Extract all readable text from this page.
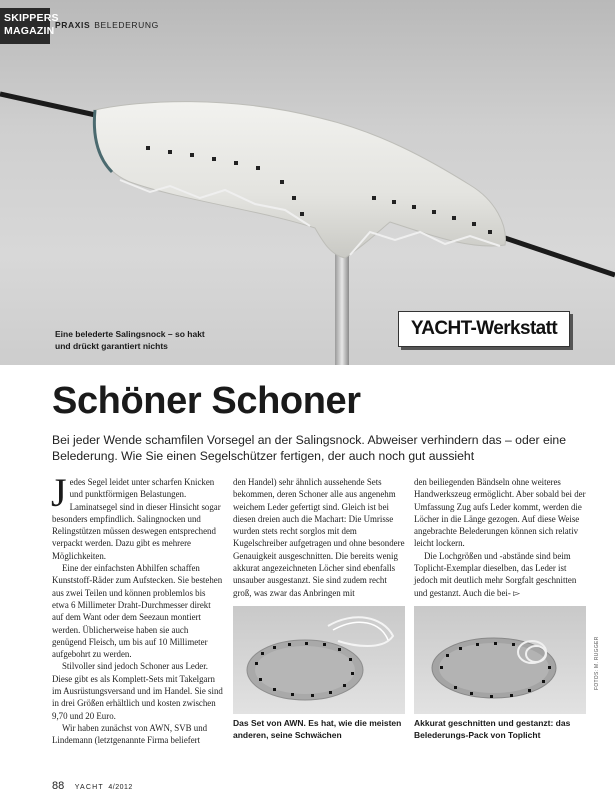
SKIPPERS
MAGAZIN PRAXIS BELEDERUNG
Eine belederte Salingsnock – so hakt und drückt garantiert nichts
YACHT-Werkstatt
Schöner Schoner
Bei jeder Wende schamfilen Vorsegel an der Salingsnock. Abweiser verhindern das – oder eine Belederung. Wie Sie einen Segelschützer fertigen, der auch noch gut aussieht

Jedes Segel leidet unter scharfen Knicken und punktförmigen Belastungen. Laminatsegel sind in dieser Hinsicht sogar besonders empfindlich. Salingnocken und Relingstützen müssen deswegen entsprechend verpackt werden. Dazu gibt es mehrere Möglichkeiten.

Eine der einfachsten Abhilfen schaffen Kunststoff-Räder zum Aufstecken. Sie bestehen aus zwei Teilen und können problemlos bis etwa 6 Millimeter Draht-Durchmesser direkt auf dem Want oder dem Seezaun montiert werden. Üblicherweise haben sie auch genügend Fleisch, um bis auf 10 Millimeter aufgebohrt zu werden.

Stilvoller sind jedoch Schoner aus Leder. Diese gibt es als Komplett-Sets mit Takelgarn im Ausrüstungsversand und im Handel. Sie sind in drei Größen erhältlich und kosten zwischen 9,70 und 20 Euro.

Wir haben zunächst von AWN, SVB und Lindemann (letztgenannte Firma beliefert

den Handel) sehr ähnlich aussehende Sets bekommen, deren Schoner alle aus angenehm weichem Leder gefertigt sind. Gleich ist bei diesen dreien auch die Machart: Die Umrisse wurden stets recht sorglos mit dem Kugelschreiber aufgetragen und ohne besondere Genauigkeit ausgeschnitten. Die bereits wenig akkurat angezeichneten Löcher sind ebenfalls unsauber ausgestanzt. Sie sind zudem recht groß, was zwar das Anbringen mit

den beiliegenden Bändseln ohne weiteres Handwerkszeug ermöglicht. Aber sobald bei der Umfassung Zug aufs Leder kommt, werden die Löcher in die Länge gezogen. Auf diese Weise angebrachte Belederungen können sich relativ leicht lockern.

Die Lochgrößen und -abstände sind beim Toplicht-Exemplar dieselben, das Leder ist jedoch mit deutlich mehr Sorgfalt geschnitten und gestanzt. Auch die bei- ▻

Das Set von AWN. Es hat, wie die meisten anderen, seine Schwächen
Akkurat geschnitten und gestanzt: das Belederungs-Pack von Toplicht
FOTOS: M. RUGGER
88 YACHT 4/2012
